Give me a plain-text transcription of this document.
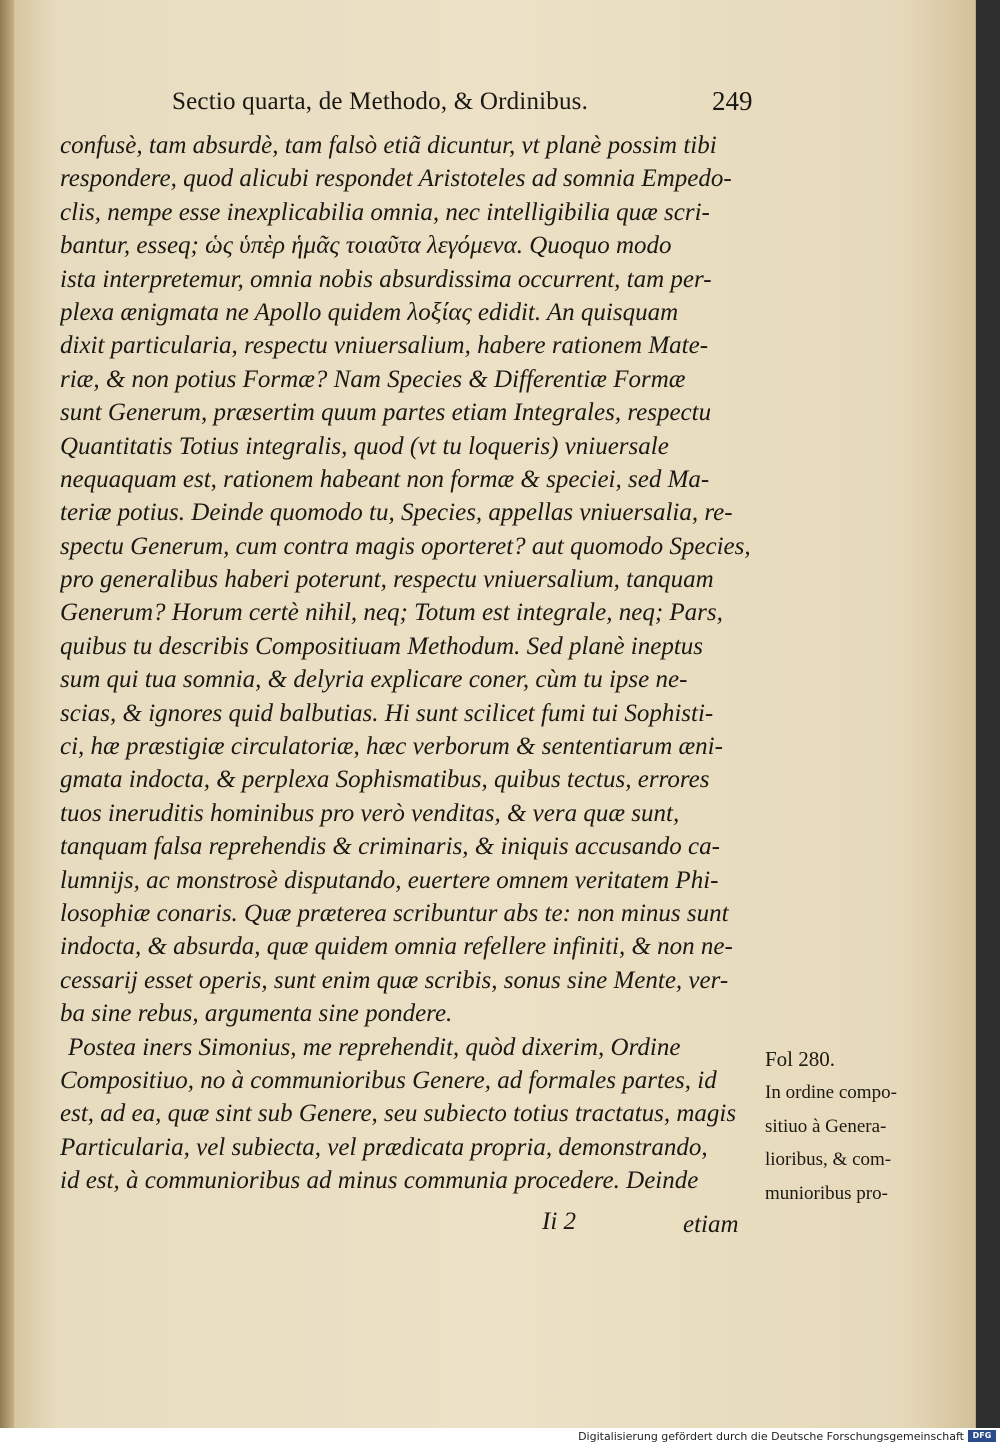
Sectio quarta, de Methodo, & Ordinibus.	249
confusè, tam absurdè, tam falsò etiã dicuntur, vt planè possim tibi
respondere, quod alicubi respondet Aristoteles ad somnia Empedo-
clis, nempe esse inexplicabilia omnia, nec intelligibilia quæ scri-
bantur, esseq; ὡς ὑπὲρ ἡμᾶς τοιαῦτα λεγόμενα. Quoquo modo
ista interpretemur, omnia nobis absurdissima occurrent, tam per-
plexa ænigmata ne Apollo quidem λοξίας edidit. An quisquam
dixit particularia, respectu vniuersalium, habere rationem Mate-
riæ, & non potius Formæ? Nam Species & Differentiæ Formæ
sunt Generum, præsertim quum partes etiam Integrales, respectu
Quantitatis Totius integralis, quod (vt tu loqueris) vniuersale
nequaquam est, rationem habeant non formæ & speciei, sed Ma-
teriæ potius. Deinde quomodo tu, Species, appellas vniuersalia, re-
spectu Generum, cum contra magis oporteret? aut quomodo Species,
pro generalibus haberi poterunt, respectu vniuersalium, tanquam
Generum? Horum certè nihil, neq; Totum est integrale, neq; Pars,
quibus tu describis Compositiuam Methodum. Sed planè ineptus
sum qui tua somnia, & delyria explicare coner, cùm tu ipse ne-
scias, & ignores quid balbutias. Hi sunt scilicet fumi tui Sophisti-
ci, hæ præstigiæ circulatoriæ, hæc verborum & sententiarum æni-
gmata indocta, & perplexa Sophismatibus, quibus tectus, errores
tuos ineruditis hominibus pro verò venditas, & vera quæ sunt,
tanquam falsa reprehendis & criminaris, & iniquis accusando ca-
lumnijs, ac monstrosè disputando, euertere omnem veritatem Phi-
losophiæ conaris. Quæ præterea scribuntur abs te: non minus sunt
indocta, & absurda, quæ quidem omnia refellere infiniti, & non ne-
cessarij esset operis, sunt enim quæ scribis, sonus sine Mente, ver-
ba sine rebus, argumenta sine pondere.
Postea iners Simonius, me reprehendit, quòd dixerim, Ordine
Compositiuo, no à communioribus Genere, ad formales partes, id
est, ad ea, quæ sint sub Genere, seu subiecto totius tractatus, magis
Particularia, vel subiecta, vel prædicata propria, demonstrando,
id est, à communioribus ad minus communia procedere. Deinde
Fol 280.
In ordine compo-
sitiuo à Genera-
lioribus, & com-
munioribus pro-
Ii 2	etiam
Digitalisierung gefördert durch die Deutsche Forschungsgemeinschaft	DFG
